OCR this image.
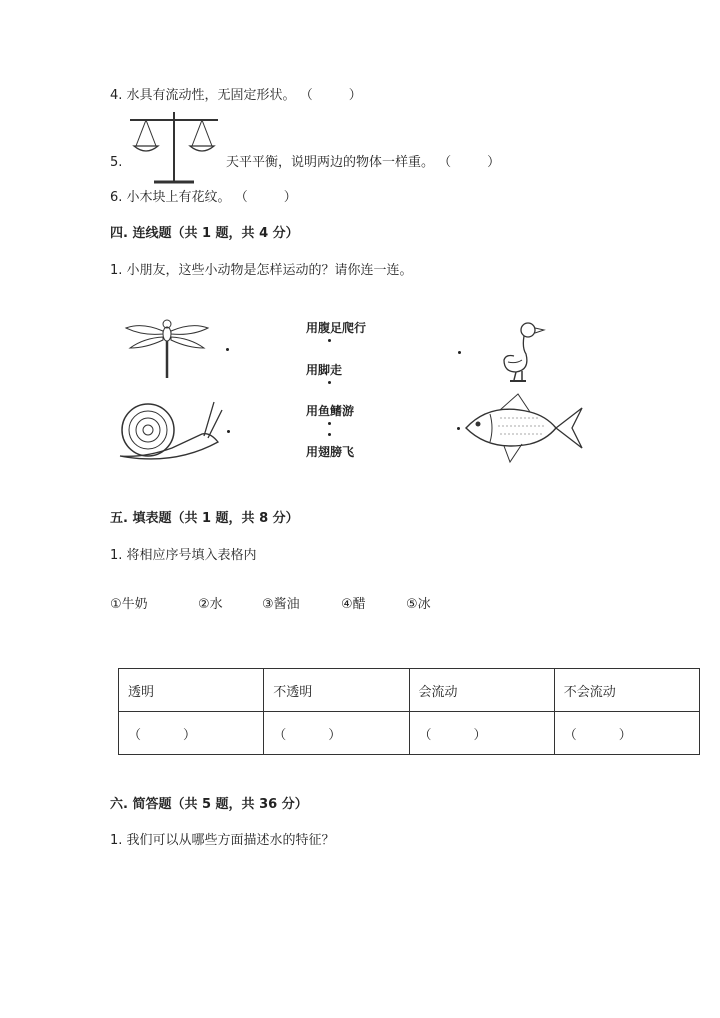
4. 水具有流动性，无固定形状。 （	）
5.	天平平衡，说明两边的物体一样重。 （	）
6. 小木块上有花纹。 （	）
四. 连线题（共 1 题，共 4 分）
1. 小朋友，这些小动物是怎样运动的？请你连一连。
用腹足爬行
用脚走
用鱼鳍游
用翅膀飞
五. 填表题（共 1 题，共 8 分）
1. 将相应序号填入表格内
①牛奶	②水	③酱油	④醋	⑤冰
透明	不透明	会流动	不会流动
（ ）	（ ）	（ ）	（ ）
六. 简答题（共 5 题，共 36 分）
1. 我们可以从哪些方面描述水的特征？
